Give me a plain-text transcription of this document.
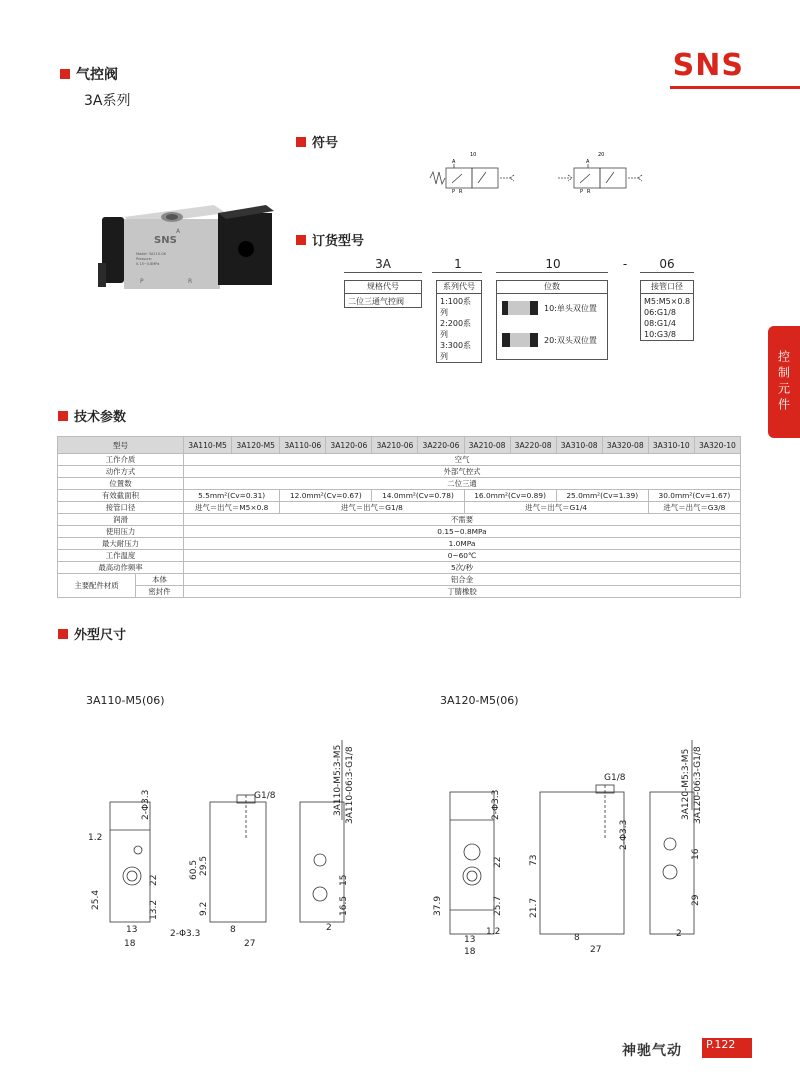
气控阀
3A系列
SNS
控制元件
SNS
A
P	R
Model: 3A110-06
Pressure:
0.15~0.8MPa
符号
10
A
P R
20
A
P R
订货型号
3A	1	10	-	06
规格代号
二位三通气控阀
系列代号
1:100系列
2:200系列
3:300系列
位数
10:单头双位置
20:双头双位置
接管口径
M5:M5×0.8
06:G1/8
08:G1/4
10:G3/8
技术参数
型号		3A110-M5	3A120-M5	3A110-06	3A120-06	3A210-06	3A220-06	3A210-08	3A220-08	3A310-08	3A320-08	3A310-10	3A320-10
工作介质		空气											
动作方式		外部气控式											
位置数		二位三通											
有效截面积		5.5mm²(Cv=0.31)		12.0mm²(Cv=0.67)		14.0mm²(Cv=0.78)		16.0mm²(Cv=0.89)		25.0mm²(Cv=1.39)		30.0mm²(Cv=1.67)	
接管口径		进气＝出气＝M5×0.8		进气＝出气＝G1/8				进气＝出气＝G1/4				进气＝出气＝G3/8	
润滑		不需要											
使用压力		0.15~0.8MPa											
最大耐压力		1.0MPa											
工作温度		0~60℃											
最高动作频率		5次/秒											
主要配件材质	本体	铝合金											
	密封件	丁腈橡胶											
外型尺寸
3A110-M5(06)	3A120-M5(06)
G1/8
2-Φ3.3
1.2
25.4
22
13.2
13
18
60.5 29.5
9.2
2-Φ3.3	8
27
3A110-M5:3-M5 3A110-06:3-G1/8
15
16.5
2
G1/8
2-Φ3.3
37.9
22
25.7
13
18
1.2
73
21.7
2-Φ3.3
8
27
3A120-M5:3-M5 3A120-06:3-G1/8
16
29
2
神驰气动	P.122
